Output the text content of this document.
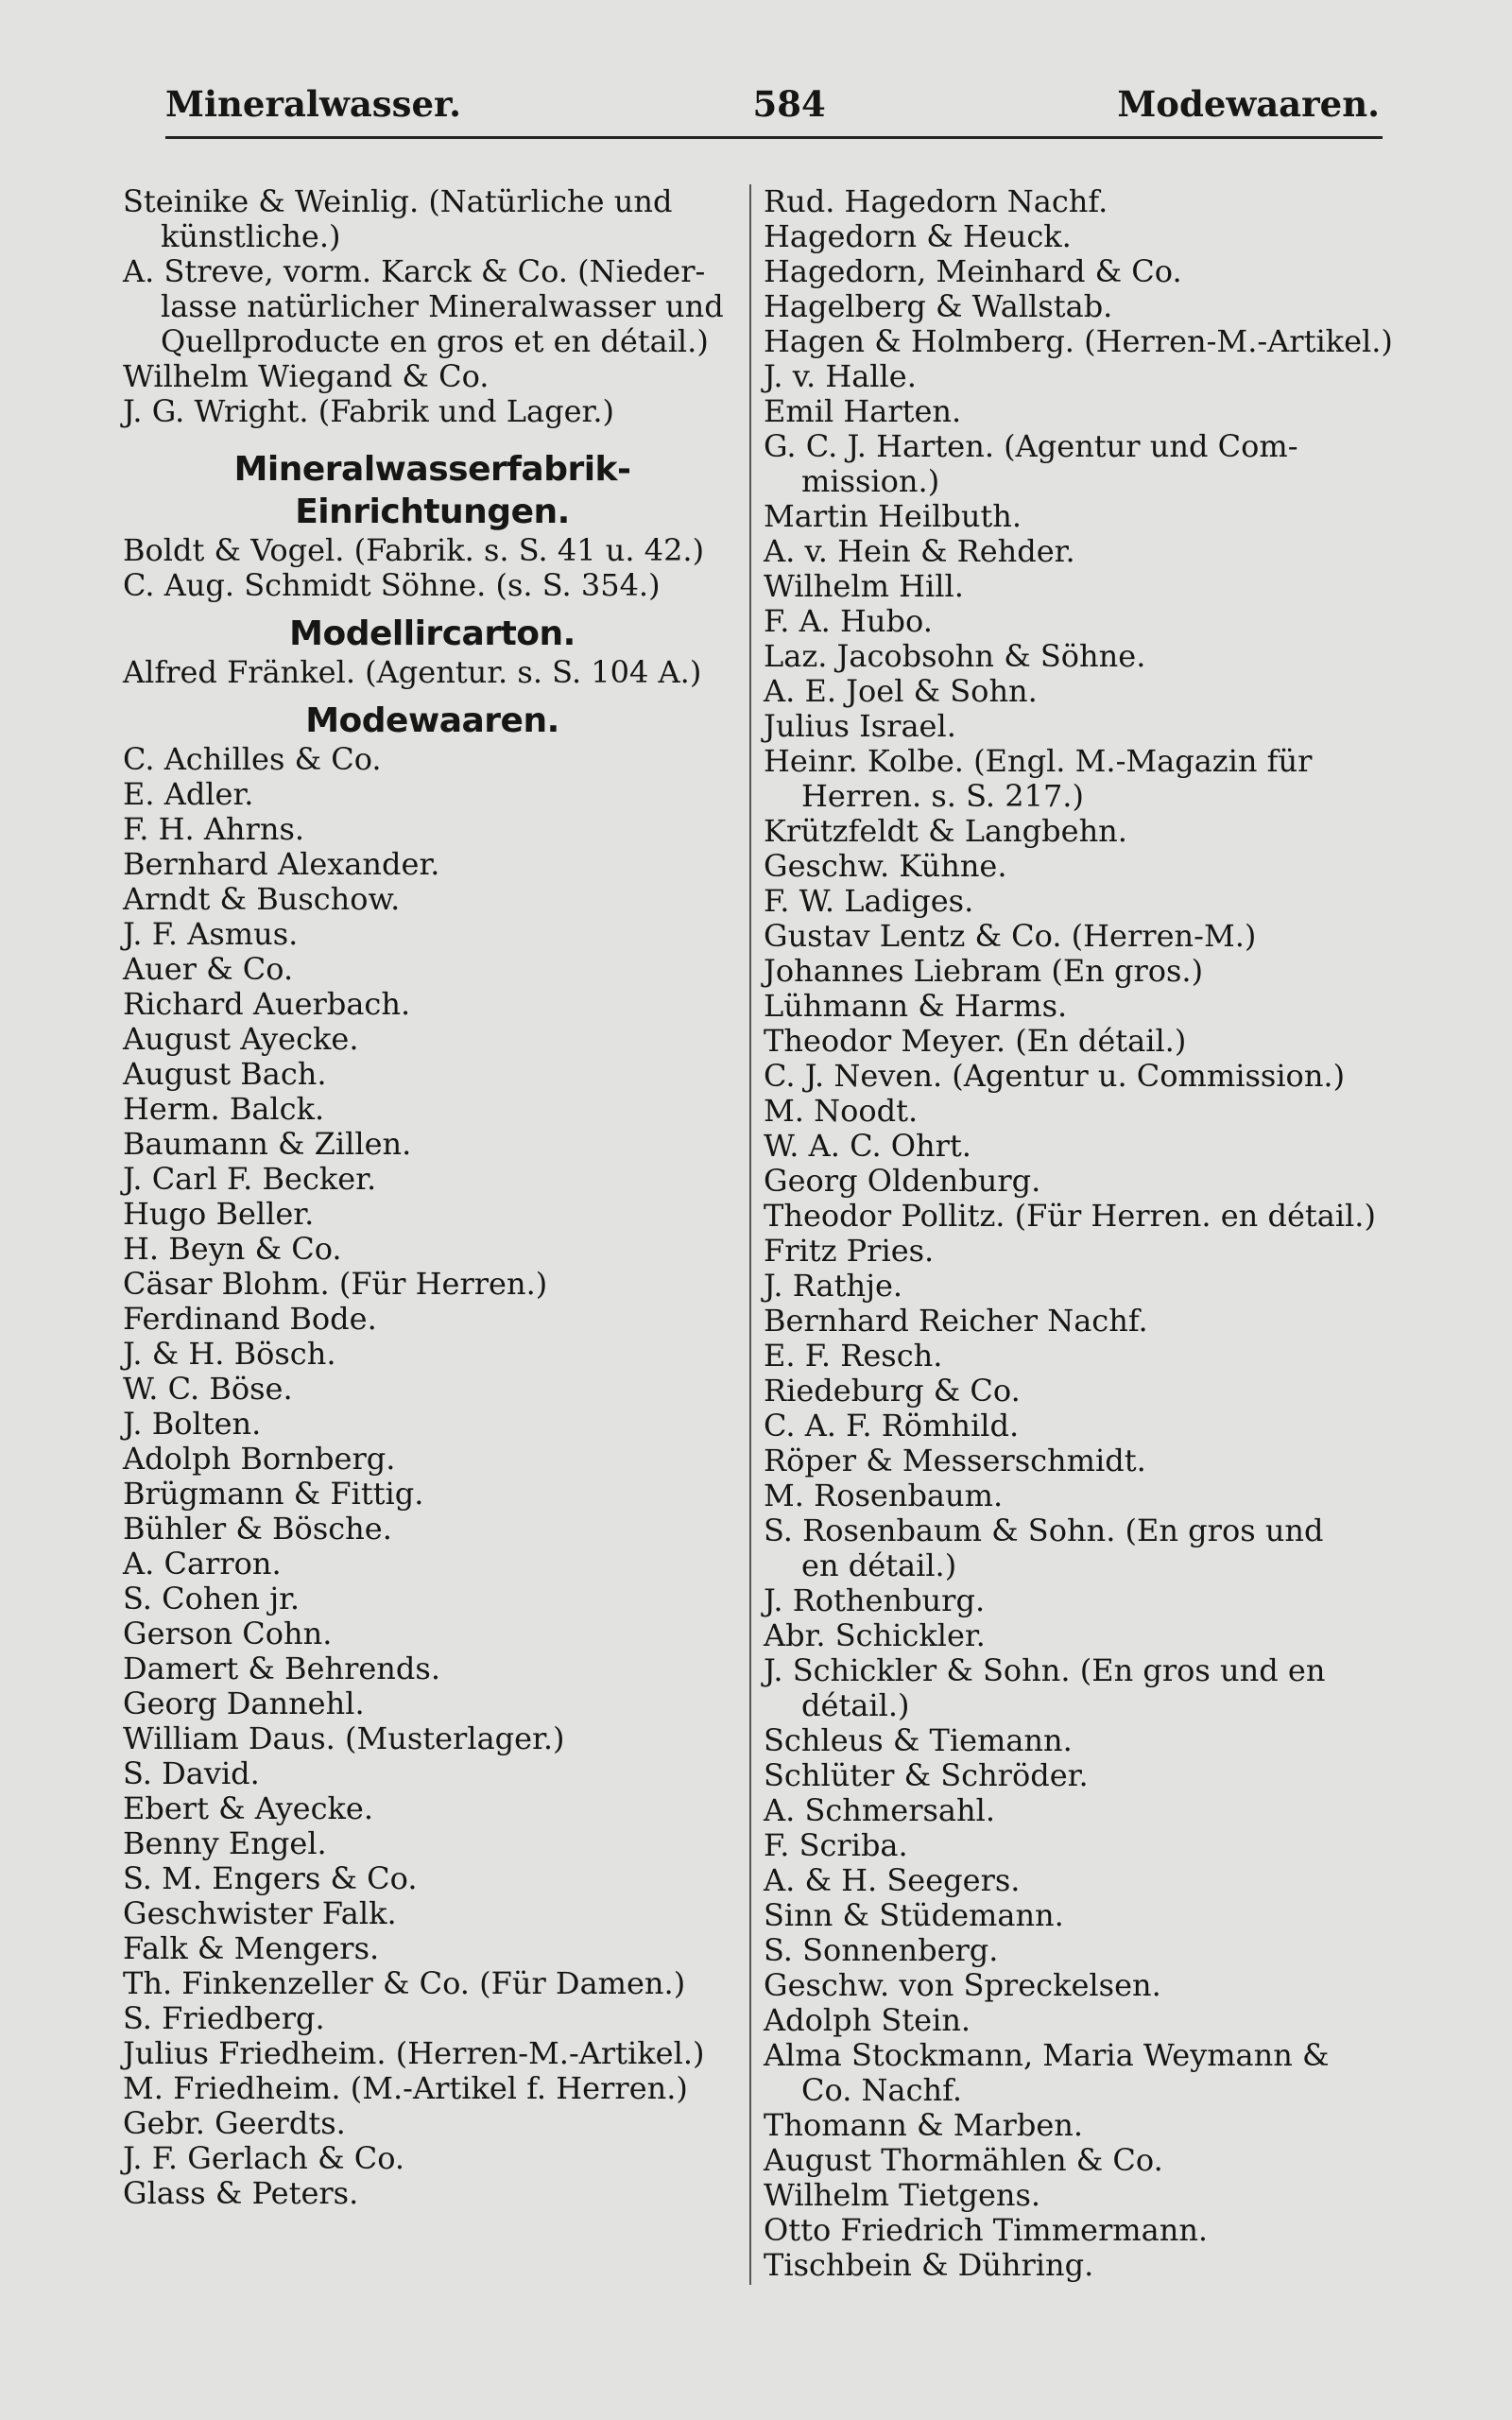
Mineralwasser.	584	Modewaaren.
Steinike & Weinlig. (Natürliche und
künstliche.)
A. Streve, vorm. Karck & Co. (Nieder-
lasse natürlicher Mineralwasser und
Quellproducte en gros et en détail.)
Wilhelm Wiegand & Co.
J. G. Wright. (Fabrik und Lager.)
Mineralwasserfabrik-
Einrichtungen.
Boldt & Vogel. (Fabrik. s. S. 41 u. 42.)
C. Aug. Schmidt Söhne. (s. S. 354.)
Modellircarton.
Alfred Fränkel. (Agentur. s. S. 104 A.)
Modewaaren.
C. Achilles & Co.
E. Adler.
F. H. Ahrns.
Bernhard Alexander.
Arndt & Buschow.
J. F. Asmus.
Auer & Co.
Richard Auerbach.
August Ayecke.
August Bach.
Herm. Balck.
Baumann & Zillen.
J. Carl F. Becker.
Hugo Beller.
H. Beyn & Co.
Cäsar Blohm. (Für Herren.)
Ferdinand Bode.
J. & H. Bösch.
W. C. Böse.
J. Bolten.
Adolph Bornberg.
Brügmann & Fittig.
Bühler & Bösche.
A. Carron.
S. Cohen jr.
Gerson Cohn.
Damert & Behrends.
Georg Dannehl.
William Daus. (Musterlager.)
S. David.
Ebert & Ayecke.
Benny Engel.
S. M. Engers & Co.
Geschwister Falk.
Falk & Mengers.
Th. Finkenzeller & Co. (Für Damen.)
S. Friedberg.
Julius Friedheim. (Herren-M.-Artikel.)
M. Friedheim. (M.-Artikel f. Herren.)
Gebr. Geerdts.
J. F. Gerlach & Co.
Glass & Peters.
Rud. Hagedorn Nachf.
Hagedorn & Heuck.
Hagedorn, Meinhard & Co.
Hagelberg & Wallstab.
Hagen & Holmberg. (Herren-M.-Artikel.)
J. v. Halle.
Emil Harten.
G. C. J. Harten. (Agentur und Com-
mission.)
Martin Heilbuth.
A. v. Hein & Rehder.
Wilhelm Hill.
F. A. Hubo.
Laz. Jacobsohn & Söhne.
A. E. Joel & Sohn.
Julius Israel.
Heinr. Kolbe. (Engl. M.-Magazin für
Herren. s. S. 217.)
Krützfeldt & Langbehn.
Geschw. Kühne.
F. W. Ladiges.
Gustav Lentz & Co. (Herren-M.)
Johannes Liebram (En gros.)
Lühmann & Harms.
Theodor Meyer. (En détail.)
C. J. Neven. (Agentur u. Commission.)
M. Noodt.
W. A. C. Ohrt.
Georg Oldenburg.
Theodor Pollitz. (Für Herren. en détail.)
Fritz Pries.
J. Rathje.
Bernhard Reicher Nachf.
E. F. Resch.
Riedeburg & Co.
C. A. F. Römhild.
Röper & Messerschmidt.
M. Rosenbaum.
S. Rosenbaum & Sohn. (En gros und
en détail.)
J. Rothenburg.
Abr. Schickler.
J. Schickler & Sohn. (En gros und en
détail.)
Schleus & Tiemann.
Schlüter & Schröder.
A. Schmersahl.
F. Scriba.
A. & H. Seegers.
Sinn & Stüdemann.
S. Sonnenberg.
Geschw. von Spreckelsen.
Adolph Stein.
Alma Stockmann, Maria Weymann &
Co. Nachf.
Thomann & Marben.
August Thormählen & Co.
Wilhelm Tietgens.
Otto Friedrich Timmermann.
Tischbein & Dühring.
